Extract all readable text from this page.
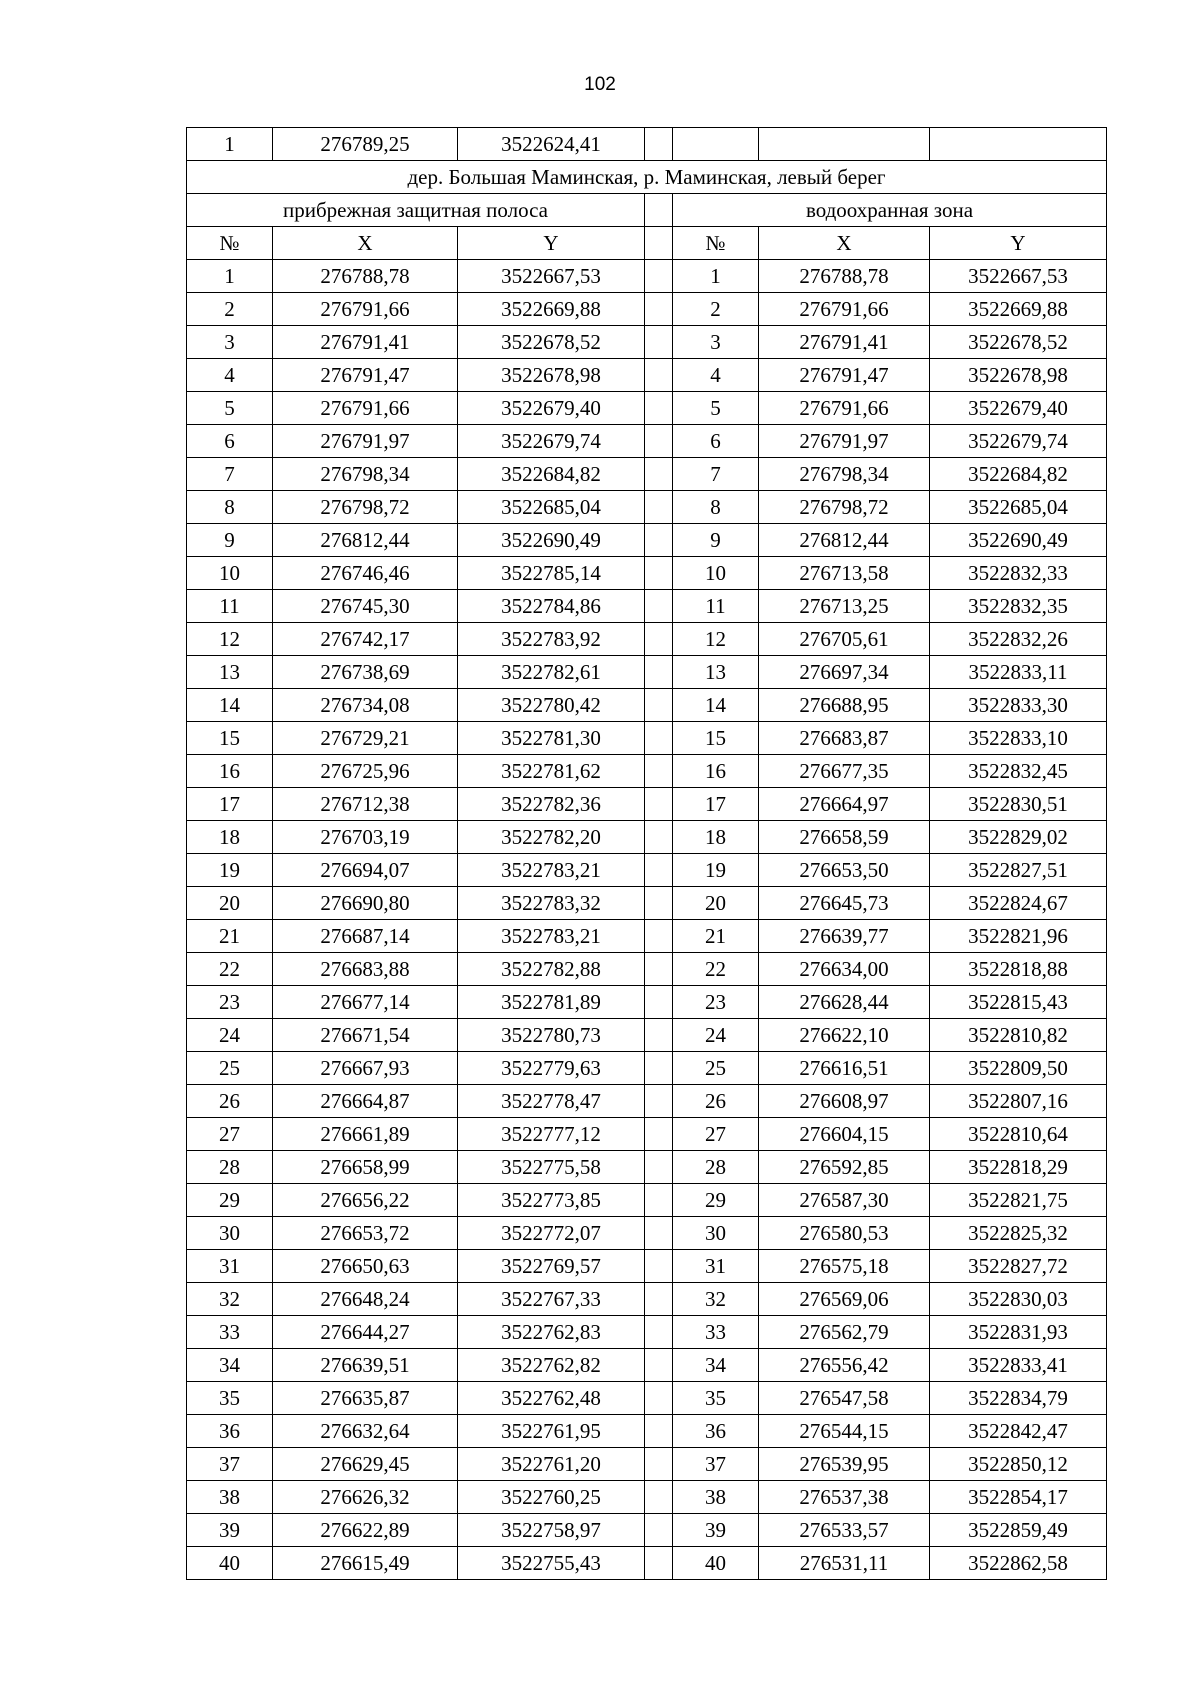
102
1	276789,25	3522624,41				
дер. Большая Маминская, р. Маминская, левый берег						
прибрежная защитная полоса				водоохранная зона		
№	X	Y		№	X	Y
1	276788,78	3522667,53		1	276788,78	3522667,53
2	276791,66	3522669,88		2	276791,66	3522669,88
3	276791,41	3522678,52		3	276791,41	3522678,52
4	276791,47	3522678,98		4	276791,47	3522678,98
5	276791,66	3522679,40		5	276791,66	3522679,40
6	276791,97	3522679,74		6	276791,97	3522679,74
7	276798,34	3522684,82		7	276798,34	3522684,82
8	276798,72	3522685,04		8	276798,72	3522685,04
9	276812,44	3522690,49		9	276812,44	3522690,49
10	276746,46	3522785,14		10	276713,58	3522832,33
11	276745,30	3522784,86		11	276713,25	3522832,35
12	276742,17	3522783,92		12	276705,61	3522832,26
13	276738,69	3522782,61		13	276697,34	3522833,11
14	276734,08	3522780,42		14	276688,95	3522833,30
15	276729,21	3522781,30		15	276683,87	3522833,10
16	276725,96	3522781,62		16	276677,35	3522832,45
17	276712,38	3522782,36		17	276664,97	3522830,51
18	276703,19	3522782,20		18	276658,59	3522829,02
19	276694,07	3522783,21		19	276653,50	3522827,51
20	276690,80	3522783,32		20	276645,73	3522824,67
21	276687,14	3522783,21		21	276639,77	3522821,96
22	276683,88	3522782,88		22	276634,00	3522818,88
23	276677,14	3522781,89		23	276628,44	3522815,43
24	276671,54	3522780,73		24	276622,10	3522810,82
25	276667,93	3522779,63		25	276616,51	3522809,50
26	276664,87	3522778,47		26	276608,97	3522807,16
27	276661,89	3522777,12		27	276604,15	3522810,64
28	276658,99	3522775,58		28	276592,85	3522818,29
29	276656,22	3522773,85		29	276587,30	3522821,75
30	276653,72	3522772,07		30	276580,53	3522825,32
31	276650,63	3522769,57		31	276575,18	3522827,72
32	276648,24	3522767,33		32	276569,06	3522830,03
33	276644,27	3522762,83		33	276562,79	3522831,93
34	276639,51	3522762,82		34	276556,42	3522833,41
35	276635,87	3522762,48		35	276547,58	3522834,79
36	276632,64	3522761,95		36	276544,15	3522842,47
37	276629,45	3522761,20		37	276539,95	3522850,12
38	276626,32	3522760,25		38	276537,38	3522854,17
39	276622,89	3522758,97		39	276533,57	3522859,49
40	276615,49	3522755,43		40	276531,11	3522862,58
